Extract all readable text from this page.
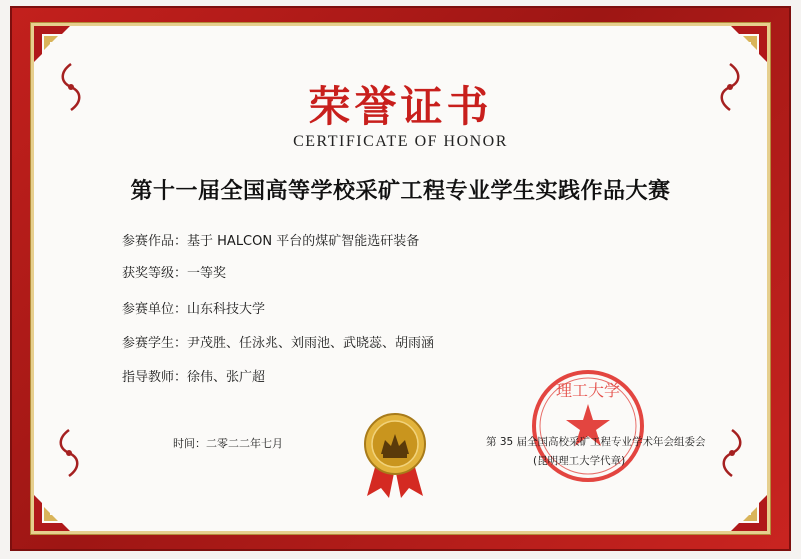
荣誉证书
CERTIFICATE OF HONOR
第十一届全国高等学校采矿工程专业学生实践作品大赛
参赛作品：基于 HALCON 平台的煤矿智能选矸装备
获奖等级：一等奖
参赛单位：山东科技大学
参赛学生：尹茂胜、任泳兆、刘雨池、武晓蕊、胡雨涵
指导教师：徐伟、张广超
时间：二零二二年七月
理工大学
第 35 届全国高校采矿工程专业学术年会组委会
(昆明理工大学代章)
